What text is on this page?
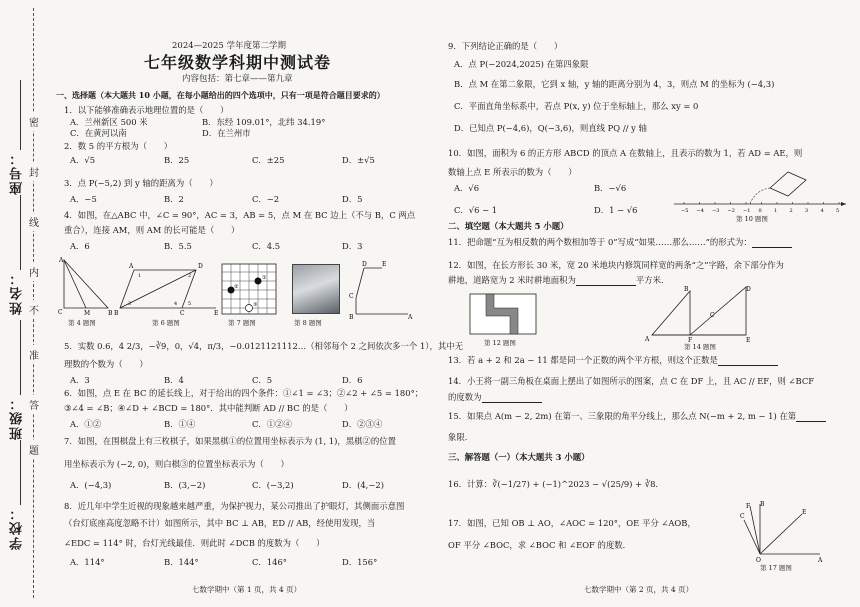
座号：
姓名：
班级：
学校：
密
封
线
内
不
准
答
题
2024—2025 学年度第二学期
七年级数学科期中测试卷
内容包括：第七章——第九章
一、选择题（本大题共 10 小题，在每小题给出的四个选项中，只有一项是符合题目要求的）
1．以下能够准确表示地理位置的是（　　）
A．兰州新区 500 米	B．东经 109.01°，北纬 34.19°
C．在黄河以南	D．在兰州市
2．数 5 的平方根为（　　）
A．√5	B．25	C．±25	D．±√5
3．点 P(−5,2) 到 y 轴的距离为（　　）
A．−5	B．2	C．−2	D．5
4．如图，在△ABC 中，∠C = 90°，AC = 3，AB = 5，点 M 在 BC 边上（不与 B，C 两点
重合），连接 AM，则 AM 的长可能是（　　）
A．6	B．5.5	C．4.5	D．3
A
C	M	B
第 4 题图
A	D
B	C	E
1	2
3	4 5
第 6 题图
①
②
③
第 7 题图	第 8 题图
E
D
C
B	A
5．实数 0.6，4 2/3，−∛9，0，√4，π/3，−0.0121121112…（相邻每个 2 之间依次多一个 1），其中无
理数的个数为（　　）
A．3	B．4	C．5	D．6
6．如图，点 E 在 BC 的延长线上，对于给出的四个条件：①∠1 = ∠3；②∠2 + ∠5 = 180°；
③∠4 = ∠B；④∠D + ∠BCD = 180°．其中能判断 AD // BC 的是（　　）
A．①②	B．①④	C．①②④	D．②③④
7．如图，在围棋盘上有三枚棋子，如果黑棋①的位置用坐标表示为 (1, 1)，黑棋②的位置
用坐标表示为 (−2, 0)，则白棋③的位置坐标表示为（　　）
A．(−4,3)	B．(3,−2)	C．(−3,2)	D．(4,−2)
8．近几年中学生近视的现象越来越严重，为保护视力，某公司推出了护眼灯，其侧面示意图
（台灯底座高度忽略不计）如图所示，其中 BC ⊥ AB，ED // AB，经使用发现，当
∠EDC = 114° 时，台灯光线最佳．则此时 ∠DCB 的度数为（　　）
A．114°	B．144°	C．146°	D．156°
七数学期中（第 1 页，共 4 页）
9．下列结论正确的是（　　）
A．点 P(−2024,2025) 在第四象限
B．点 M 在第二象限，它到 x 轴，y 轴的距离分别为 4，3，则点 M 的坐标为 (−4,3)
C．平面直角坐标系中，若点 P(x, y) 位于坐标轴上，那么 xy = 0
D．已知点 P(−4,6)，Q(−3,6)，则直线 PQ // y 轴
10．如图，面积为 6 的正方形 ABCD 的顶点 A 在数轴上，且表示的数为 1，若 AD = AE，则
数轴上点 E 所表示的数为（　　）
A．√6	B．−√6
C．√6 − 1	D．1 − √6	−5 −4 −3 −2 −1 0 1 2 3 4 5
第 10 题图
二、填空题（本大题共 5 小题）
11．把命题“互为相反数的两个数相加等于 0”写成“如果……那么……”的形式为：
12．如图，在长方形长 30 米，宽 20 米地块内修筑同样宽的两条“之”字路，余下部分作为
耕地，道路宽为 2 米时耕地面积为	平方米．
第 12 题图
D
B
A	F
C
E
第 14 题图
13．若 a + 2 和 2a − 11 都是同一个正数的两个平方根，则这个正数是
14．小王将一副三角板在桌面上摆出了如图所示的图案，点 C 在 DF 上，且 AC // EF，则 ∠BCF
的度数为
15．如果点 A(m − 2, 2m) 在第一、三象限的角平分线上，那么点 N(−m + 2, m − 1) 在第
象限．
三、解答题（一）（本大题共 3 小题）
16．计算：∛(−1/27) + (−1)^2023 − √(25/9) + ∛8．
17．如图，已知 OB ⊥ AO，∠AOC = 120°，OE 平分 ∠AOB，
OF 平分 ∠BOC，求 ∠BOC 和 ∠EOF 的度数．
B
C
E
F
O	A
第 17 题图
七数学期中（第 2 页，共 4 页）
